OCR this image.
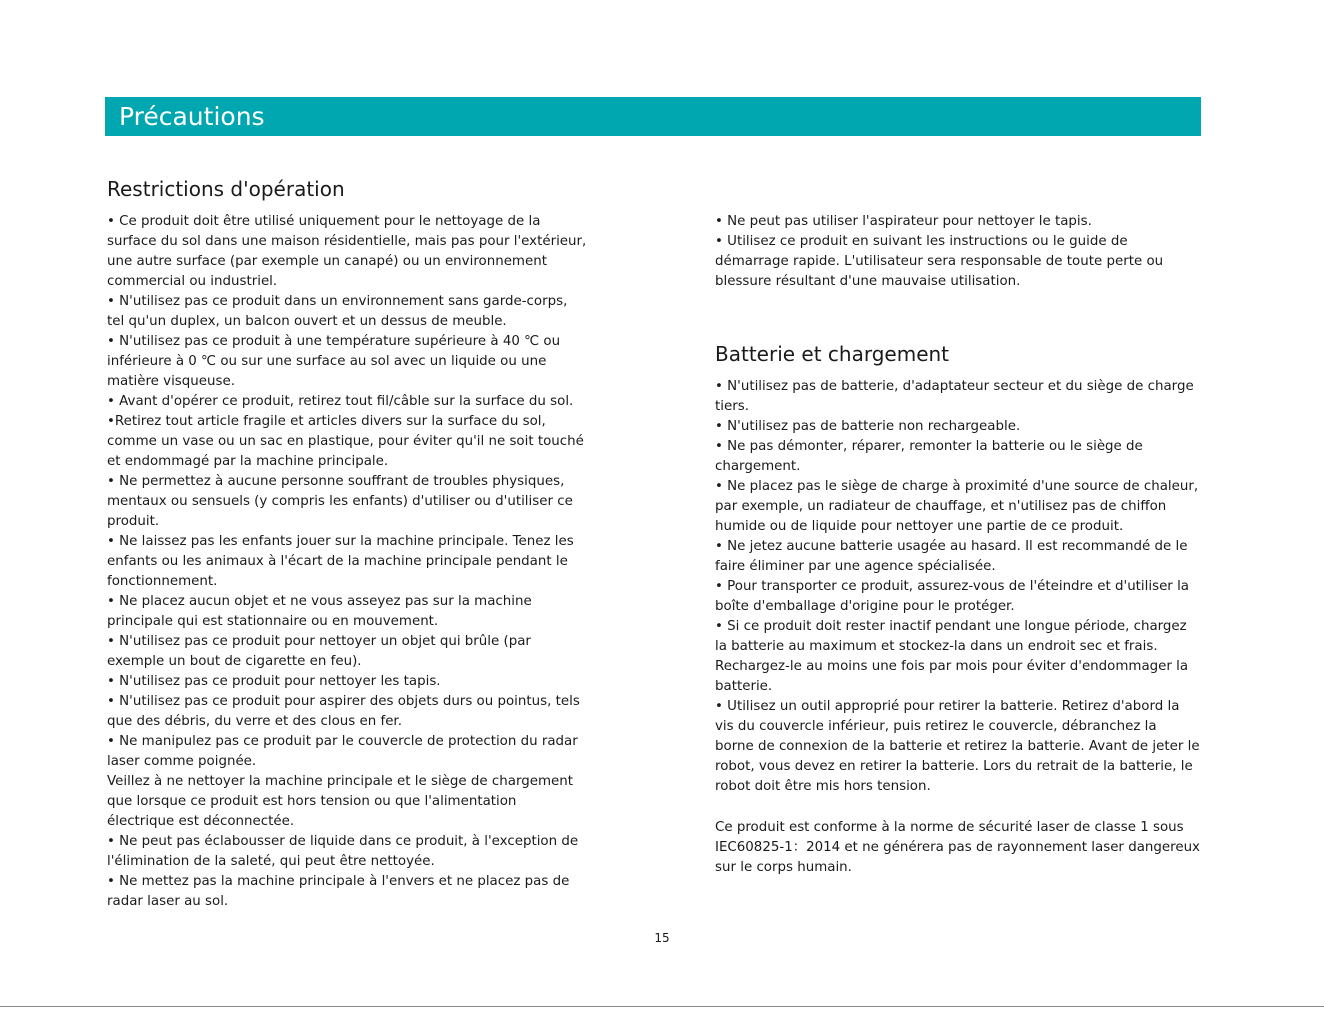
Précautions
Restrictions d'opération

• Ce produit doit être utilisé uniquement pour le nettoyage de la

surface du sol dans une maison résidentielle, mais pas pour l'extérieur,

une autre surface (par exemple un canapé) ou un environnement

commercial ou industriel.

• N'utilisez pas ce produit dans un environnement sans garde-corps,

tel qu'un duplex, un balcon ouvert et un dessus de meuble.

• N'utilisez pas ce produit à une température supérieure à 40 ℃ ou

inférieure à 0 ℃ ou sur une surface au sol avec un liquide ou une

matière visqueuse.

• Avant d'opérer ce produit, retirez tout fil/câble sur la surface du sol.

•Retirez tout article fragile et articles divers sur la surface du sol,

comme un vase ou un sac en plastique, pour éviter qu'il ne soit touché

et endommagé par la machine principale.

• Ne permettez à aucune personne souffrant de troubles physiques,

mentaux ou sensuels (y compris les enfants) d'utiliser ou d'utiliser ce

produit.

• Ne laissez pas les enfants jouer sur la machine principale. Tenez les

enfants ou les animaux à l'écart de la machine principale pendant le

fonctionnement.

• Ne placez aucun objet et ne vous asseyez pas sur la machine

principale qui est stationnaire ou en mouvement.

• N'utilisez pas ce produit pour nettoyer un objet qui brûle (par

exemple un bout de cigarette en feu).

• N'utilisez pas ce produit pour nettoyer les tapis.

• N'utilisez pas ce produit pour aspirer des objets durs ou pointus, tels

que des débris, du verre et des clous en fer.

• Ne manipulez pas ce produit par le couvercle de protection du radar

laser comme poignée.

Veillez à ne nettoyer la machine principale et le siège de chargement

que lorsque ce produit est hors tension ou que l'alimentation

électrique est déconnectée.

• Ne peut pas éclabousser de liquide dans ce produit, à l'exception de

l'élimination de la saleté, qui peut être nettoyée.

• Ne mettez pas la machine principale à l'envers et ne placez pas de

radar laser au sol.

• Ne peut pas utiliser l'aspirateur pour nettoyer le tapis.

• Utilisez ce produit en suivant les instructions ou le guide de

démarrage rapide. L'utilisateur sera responsable de toute perte ou

blessure résultant d'une mauvaise utilisation.

Batterie et chargement

• N'utilisez pas de batterie, d'adaptateur secteur et du siège de charge

tiers.

• N'utilisez pas de batterie non rechargeable.

• Ne pas démonter, réparer, remonter la batterie ou le siège de

chargement.

• Ne placez pas le siège de charge à proximité d'une source de chaleur,

par exemple, un radiateur de chauffage, et n'utilisez pas de chiffon

humide ou de liquide pour nettoyer une partie de ce produit.

• Ne jetez aucune batterie usagée au hasard. Il est recommandé de le

faire éliminer par une agence spécialisée.

• Pour transporter ce produit, assurez-vous de l'éteindre et d'utiliser la

boîte d'emballage d'origine pour le protéger.

• Si ce produit doit rester inactif pendant une longue période, chargez

la batterie au maximum et stockez-la dans un endroit sec et frais.

Rechargez-le au moins une fois par mois pour éviter d'endommager la

batterie.

• Utilisez un outil approprié pour retirer la batterie. Retirez d'abord la

vis du couvercle inférieur, puis retirez le couvercle, débranchez la

borne de connexion de la batterie et retirez la batterie. Avant de jeter le

robot, vous devez en retirer la batterie. Lors du retrait de la batterie, le

robot doit être mis hors tension.

Ce produit est conforme à la norme de sécurité laser de classe 1 sous

IEC60825-1：2014 et ne générera pas de rayonnement laser dangereux

sur le corps humain.

15
